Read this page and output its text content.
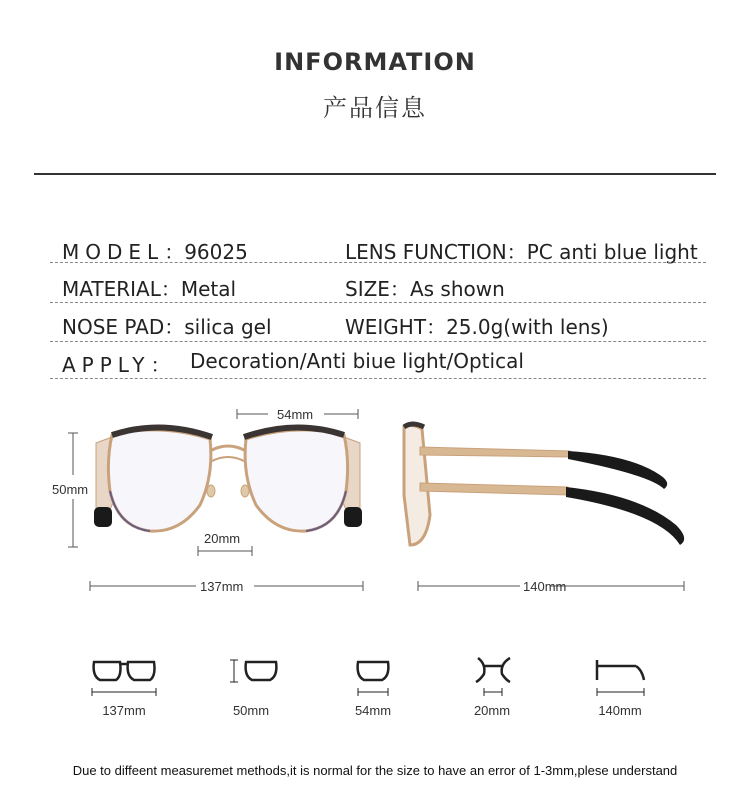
INFORMATION
产品信息
MODEL：96025	LENS FUNCTION：PC anti blue light
MATERIAL：Metal	SIZE：As shown
NOSE PAD：silica gel	WEIGHT：25.0g(with lens)
APPLY： Decoration/Anti biue light/Optical
54mm
50mm
20mm
137mm	140mm
137mm	50mm	54mm	20mm	140mm
Due to diffeent measuremet methods,it is normal for the size to have an error of 1-3mm,plese understand
